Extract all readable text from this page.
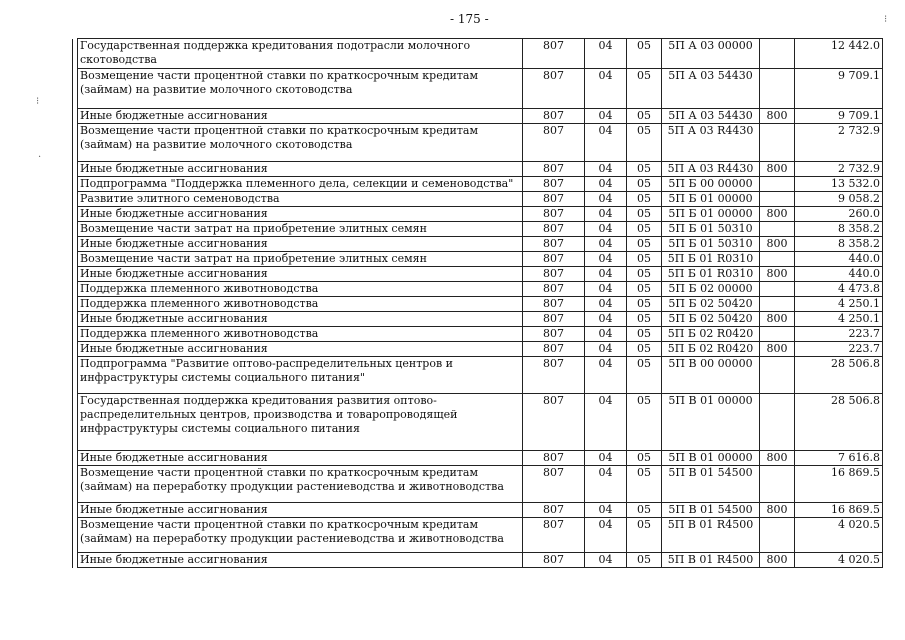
- 175 -	⁝
⁝
·
	Государственная поддержка кредитования подотрасли молочного скотоводства	807	04	05	5П А 03 00000		12 442.0
	Возмещение части процентной ставки по краткосрочным кредитам (займам) на развитие молочного скотоводства	807	04	05	5П А 03 54430		9 709.1
	Иные бюджетные ассигнования	807	04	05	5П А 03 54430	800	9 709.1
	Возмещение части процентной ставки по краткосрочным кредитам (займам) на развитие молочного скотоводства	807	04	05	5П А 03 R4430		2 732.9
	Иные бюджетные ассигнования	807	04	05	5П А 03 R4430	800	2 732.9
	Подпрограмма "Поддержка племенного дела, селекции и семеноводства"	807	04	05	5П Б 00 00000		13 532.0
	Развитие элитного семеноводства	807	04	05	5П Б 01 00000		9 058.2
	Иные бюджетные ассигнования	807	04	05	5П Б 01 00000	800	260.0
	Возмещение части затрат на приобретение элитных семян	807	04	05	5П Б 01 50310		8 358.2
	Иные бюджетные ассигнования	807	04	05	5П Б 01 50310	800	8 358.2
	Возмещение части затрат на приобретение элитных семян	807	04	05	5П Б 01 R0310		440.0
	Иные бюджетные ассигнования	807	04	05	5П Б 01 R0310	800	440.0
	Поддержка племенного животноводства	807	04	05	5П Б 02 00000		4 473.8
	Поддержка племенного животноводства	807	04	05	5П Б 02 50420		4 250.1
	Иные бюджетные ассигнования	807	04	05	5П Б 02 50420	800	4 250.1
	Поддержка племенного животноводства	807	04	05	5П Б 02 R0420		223.7
	Иные бюджетные ассигнования	807	04	05	5П Б 02 R0420	800	223.7
	Подпрограмма "Развитие оптово-распределительных центров и инфраструктуры системы социального питания"	807	04	05	5П В 00 00000		28 506.8
	Государственная поддержка кредитования развития оптово-распределительных центров, производства и товаропроводящей инфраструктуры системы социального питания	807	04	05	5П В 01 00000		28 506.8
	Иные бюджетные ассигнования	807	04	05	5П В 01 00000	800	7 616.8
	Возмещение части процентной ставки по краткосрочным кредитам (займам) на переработку продукции растениеводства и животноводства	807	04	05	5П В 01 54500		16 869.5
	Иные бюджетные ассигнования	807	04	05	5П В 01 54500	800	16 869.5
	Возмещение части процентной ставки по краткосрочным кредитам (займам) на переработку продукции растениеводства и животноводства	807	04	05	5П В 01 R4500		4 020.5
	Иные бюджетные ассигнования	807	04	05	5П В 01 R4500	800	4 020.5
